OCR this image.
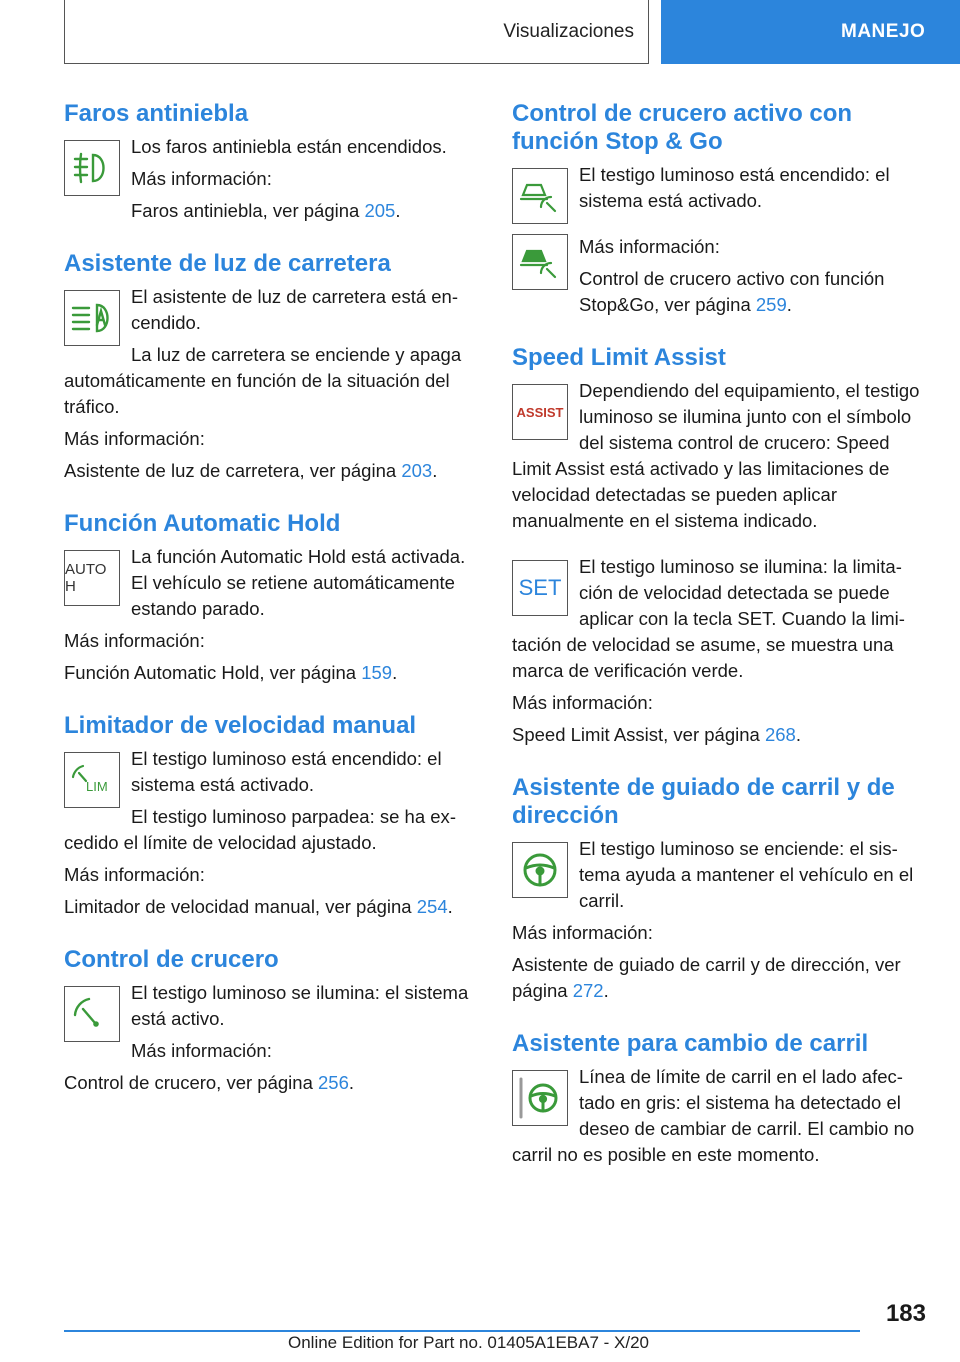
Visualizaciones	MANEJO
Faros antiniebla

Los faros antiniebla están encendidos.

Más información:

Faros antiniebla, ver página 205.

Asistente de luz de carretera

El asistente de luz de carretera está encendido.

La luz de carretera se enciende y apaga automáticamente en función de la situación del tráfico.

Más información:

Asistente de luz de carretera, ver página 203.

Función Automatic Hold
AUTO H

La función Automatic Hold está activada. El vehículo se retiene automáticamente estando parado.

Más información:

Función Automatic Hold, ver página 159.

Limitador de velocidad manual
LIM

El testigo luminoso está encendido: el sistema está activado.

El testigo luminoso parpadea: se ha excedido el límite de velocidad ajustado.

Más información:

Limitador de velocidad manual, ver página 254.

Control de crucero

El testigo luminoso se ilumina: el sistema está activo.

Más información:

Control de crucero, ver página 256.

Control de crucero activo con función Stop & Go

El testigo luminoso está encendido: el sistema está activado.

Más información:

Control de crucero activo con función Stop&Go, ver página 259.

Speed Limit Assist
ASSIST

Dependiendo del equipamiento, el testigo luminoso se ilumina junto con el símbolo del sistema control de crucero: Speed Limit Assist está activado y las limitaciones de velocidad detectadas se pueden aplicar manualmente en el sistema indicado.

SET

El testigo luminoso se ilumina: la limitación de velocidad detectada se puede aplicar con la tecla SET. Cuando la limitación de velocidad se asume, se muestra una marca de verificación verde.

Más información:

Speed Limit Assist, ver página 268.

Asistente de guiado de carril y de dirección

El testigo luminoso se enciende: el sistema ayuda a mantener el vehículo en el carril.

Más información:

Asistente de guiado de carril y de dirección, ver página 272.

Asistente para cambio de carril

Línea de límite de carril en el lado afectado en gris: el sistema ha detectado el deseo de cambiar de carril. El cambio no carril no es posible en este momento.

183
Online Edition for Part no. 01405A1EBA7 - X/20
